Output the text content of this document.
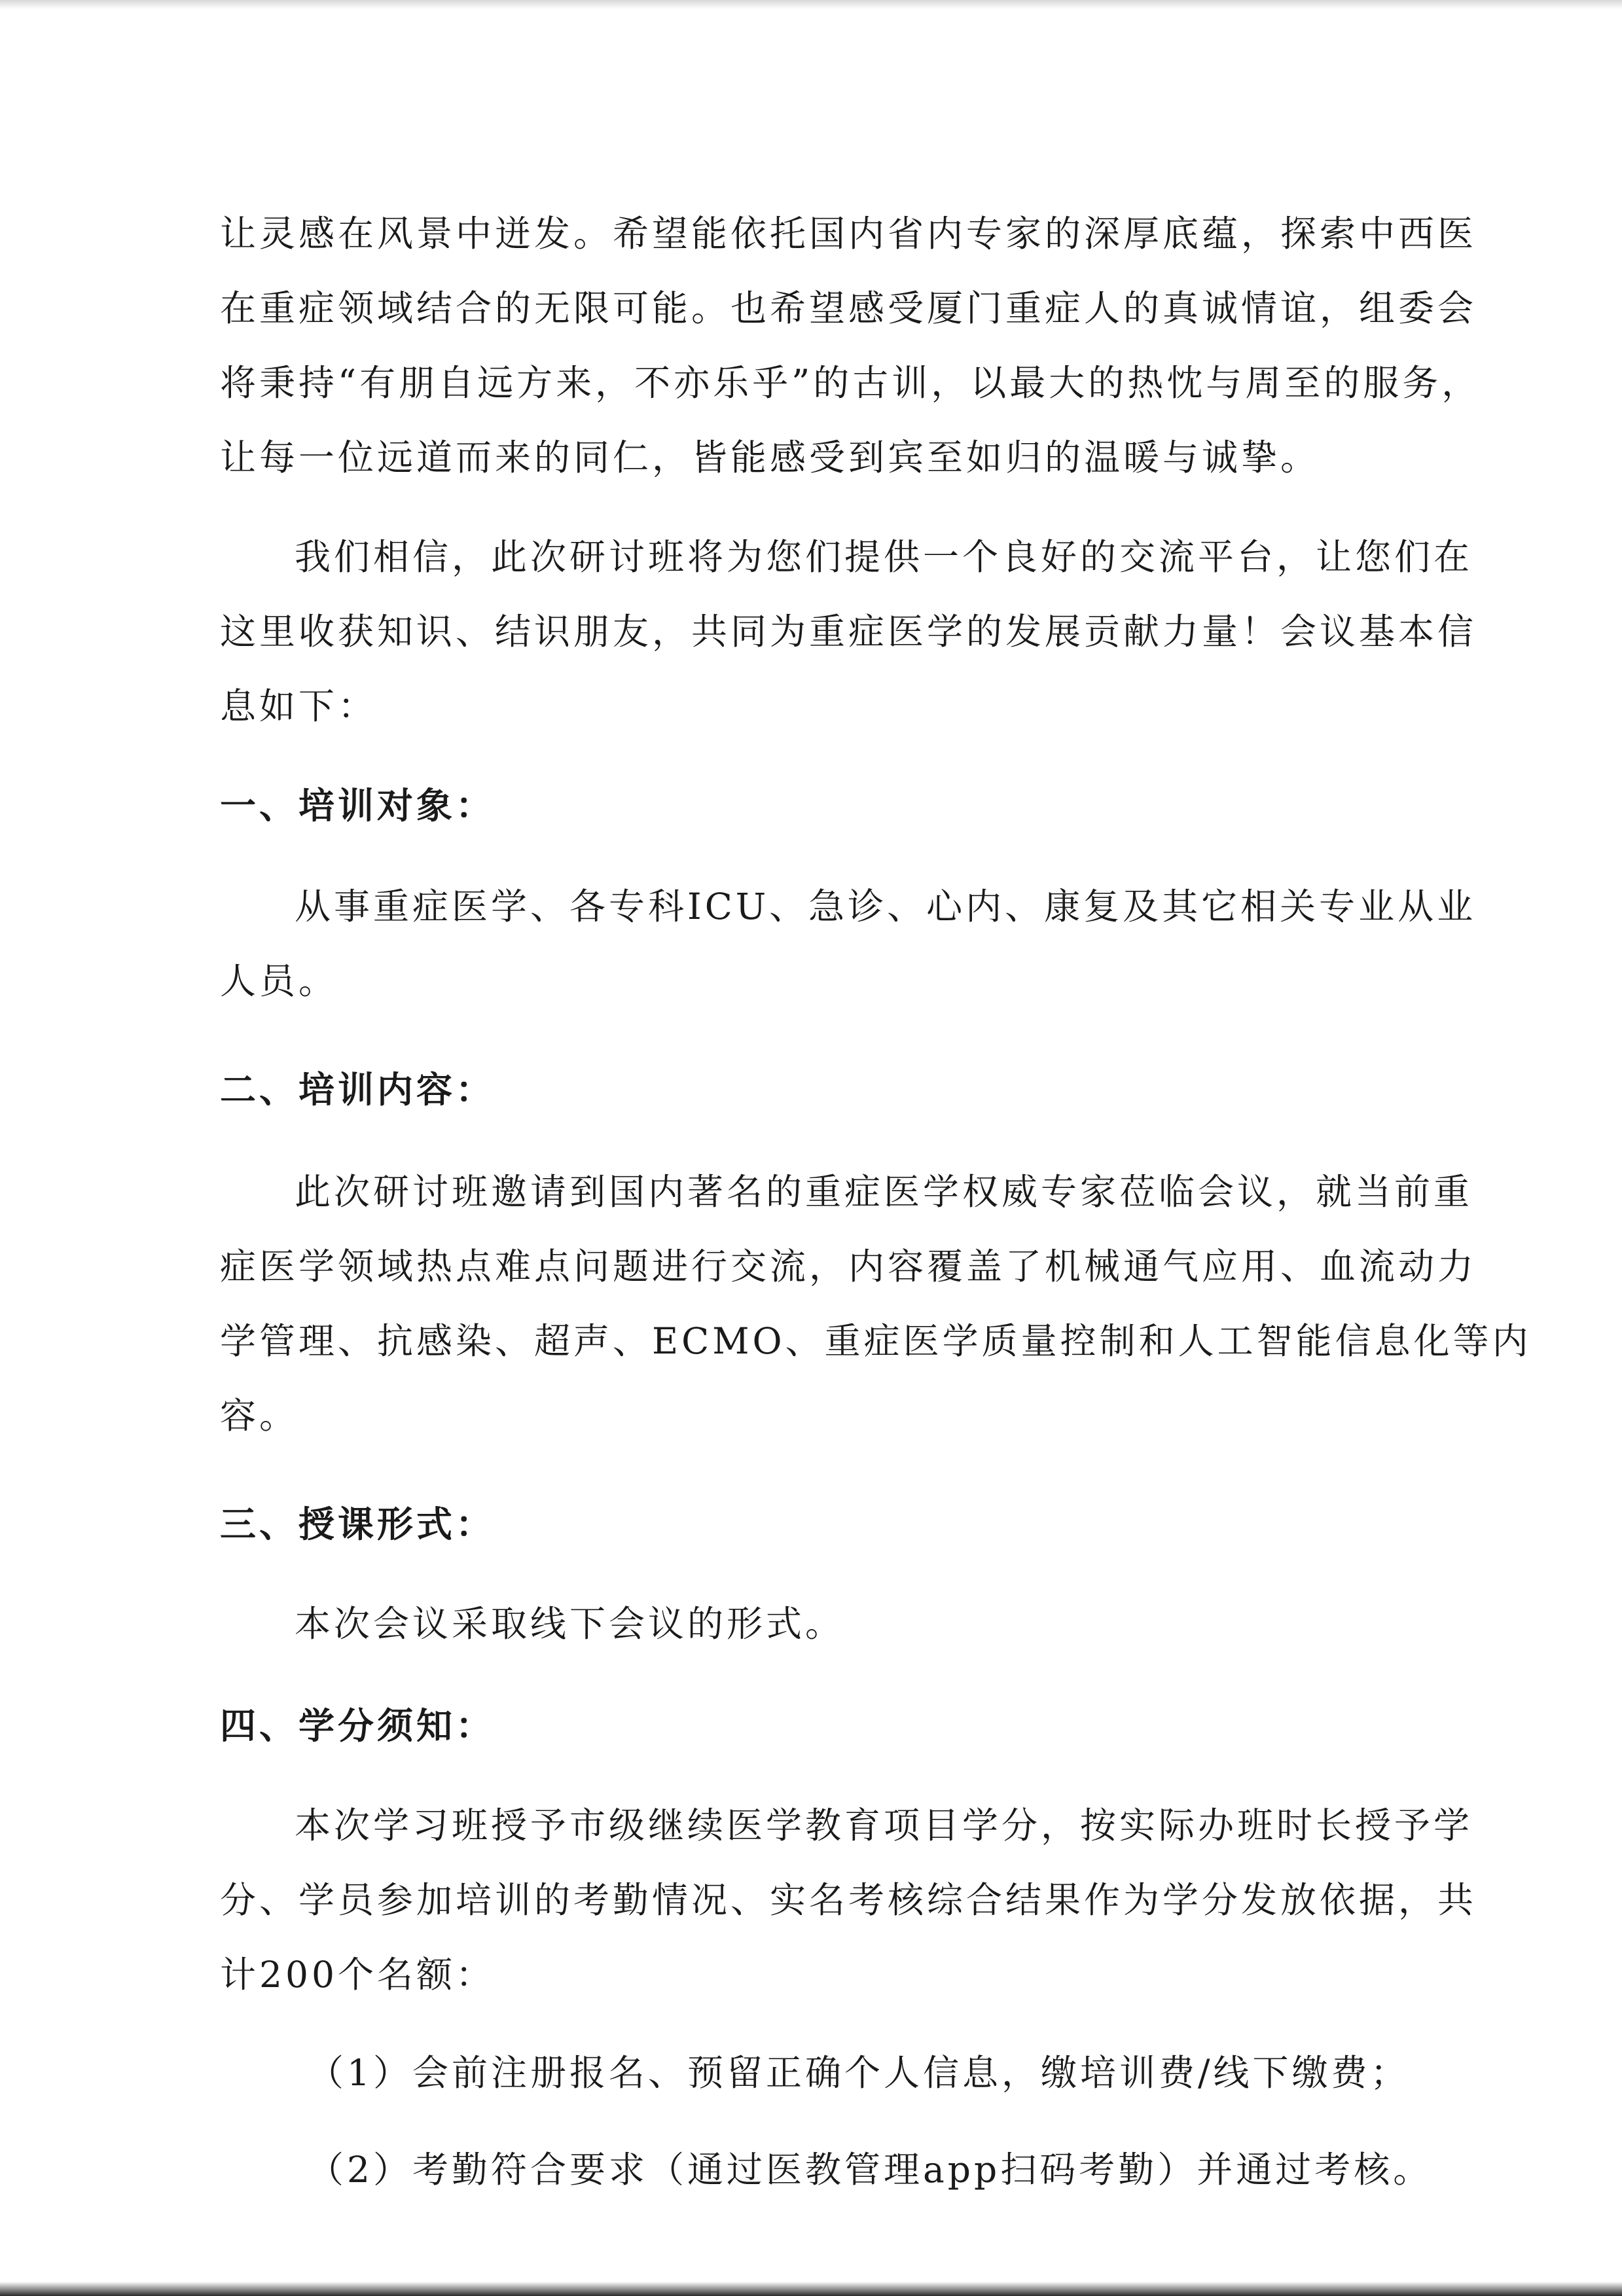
让灵感在风景中迸发。希望能依托国内省内专家的深厚底蕴，探索中西医
在重症领域结合的无限可能。也希望感受厦门重症人的真诚情谊，组委会
将秉持“有朋自远方来，不亦乐乎”的古训，以最大的热忱与周至的服务，
让每一位远道而来的同仁，皆能感受到宾至如归的温暖与诚挚。
我们相信，此次研讨班将为您们提供一个良好的交流平台，让您们在
这里收获知识、结识朋友，共同为重症医学的发展贡献力量！会议基本信
息如下：
一、培训对象：
从事重症医学、各专科ICU、急诊、心内、康复及其它相关专业从业
人员。
二、培训内容：
此次研讨班邀请到国内著名的重症医学权威专家莅临会议，就当前重
症医学领域热点难点问题进行交流，内容覆盖了机械通气应用、血流动力
学管理、抗感染、超声、ECMO、重症医学质量控制和人工智能信息化等内
容。
三、授课形式：
本次会议采取线下会议的形式。
四、学分须知：
本次学习班授予市级继续医学教育项目学分，按实际办班时长授予学
分、学员参加培训的考勤情况、实名考核综合结果作为学分发放依据，共
计200个名额：
（1）会前注册报名、预留正确个人信息，缴培训费/线下缴费；
（2）考勤符合要求（通过医教管理app扫码考勤）并通过考核。
